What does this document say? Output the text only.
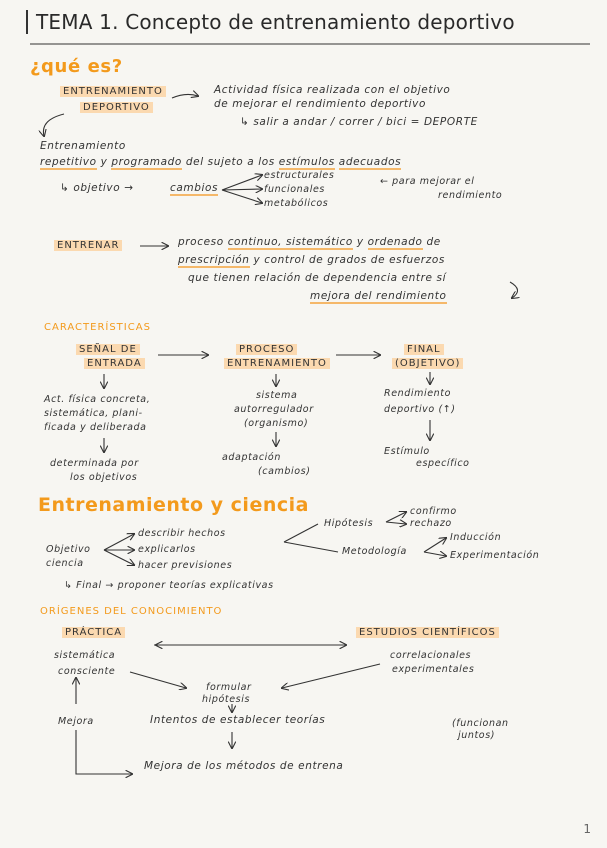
TEMA 1. Concepto de entrenamiento deportivo
¿qué es?
ENTRENAMIENTO
DEPORTIVO
Actividad física realizada con el objetivo
de mejorar el rendimiento deportivo
↳ salir a andar / correr / bici = DEPORTE
Entrenamiento
repetitivo y programado del sujeto a los estímulos adecuados
↳ objetivo →	cambios
estructurales
funcionales
metabólicos
← para mejorar el
rendimiento
ENTRENAR	proceso continuo, sistemático y ordenado de
prescripción y control de grados de esfuerzos
que tienen relación de dependencia entre sí
mejora del rendimiento
CARACTERÍSTICAS
SEÑAL DE
ENTRADA
PROCESO
ENTRENAMIENTO
FINAL
(OBJETIVO)
Act. física concreta,
sistemática, plani-
ficada y deliberada
determinada por
los objetivos
sistema
autorregulador
(organismo)
adaptación
(cambios)
Rendimiento
deportivo (↑)
Estímulo
específico
Entrenamiento y ciencia
Objetivo
ciencia
describir hechos
explicarlos
hacer previsiones
Hipótesis
confirmo
rechazo
Metodología
Inducción
Experimentación
↳ Final → proponer teorías explicativas
ORÍGENES DEL CONOCIMIENTO
PRÁCTICA	ESTUDIOS CIENTÍFICOS
sistemática
consciente
correlacionales
experimentales
formular
hipótesis
Mejora	Intentos de establecer teorías	(funcionan
juntos)
Mejora de los métodos de entrena
1
